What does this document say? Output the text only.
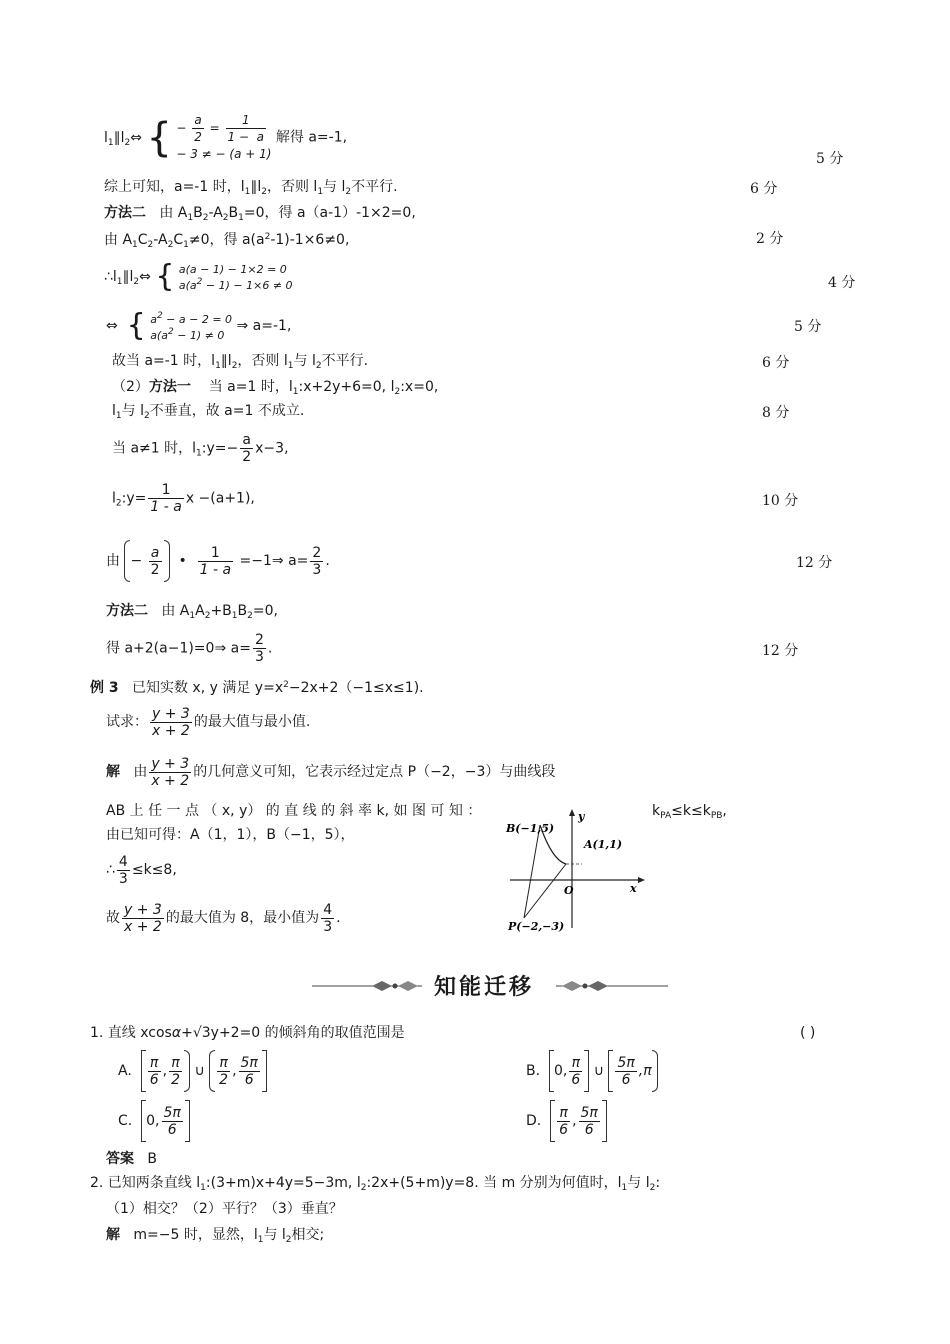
$l_1\parallel l_2\Leftrightarrow$ { − $\frac{a}{2} = \frac{1}{1 - a}$
− 3 ≠ − (a + 1)
解得 a=-1,
5 分
综上可知，a=-1 时，$l_1\parallel l_2$，否则 $l_1$与 $l_2$不平行.	6 分
方法二 由 $A_1B_2-A_2B_1=0$，得 a（a-1）-1×2=0,
由 $A_1C_2-A_2C_1\ne 0$，得 $a(a^2-1)-1\times 6\ne 0$,	2 分
$\therefore l_1\parallel l_2\Leftrightarrow$ { a(a − 1) − 1×2 = 0
$a(a^2 - 1) - 1\times 6 \ne 0$	4 分
⇔  { $a^2 - a - 2 = 0$
$a(a^2 - 1) \ne 0$
⇒ a=-1,	5 分
故当 a=-1 时，$l_1\parallel l_2$，否则 $l_1$与 $l_2$不平行.	6 分
（2）方法一 当 a=1 时，$l_1:x+2y+6=0$, $l_2:x=0$,
$l_1$与 $l_2$不垂直，故 a=1 不成立.	8 分
当 a≠1 时，$l_1:y=- \frac{a}{2} x-3$,
$l_2:y= \frac{1}{1 - a}$ x −(a+1),	10 分
由 − $\frac{a}{2}$ • $\frac{1}{1 - a}$ =−1⇒ $a= \frac{2}{3}$ .	12 分
方法二 由 $A_1A_2+B_1B_2=0$,
得 a+2(a−1)=0⇒ $a= \frac{2}{3}$ .	12 分
例 3 已知实数 x, y 满足 $y=x^2-2x+2(-1\le x\le 1)$.
试求： $\frac{y + 3}{x + 2}$ 的最大值与最小值.
解 由 $\frac{y + 3}{x + 2}$ 的几何意义可知，它表示经过定点 P（−2，−3）与曲线段
AB 上 任 一 点 （ x, y） 的 直 线 的 斜 率 k, 如 图 可 知 ：	$k_{PA}\le k\le k_{PB}$,
由已知可得：A（1，1），B（−1，5），
∴ $\frac{4}{3} \le k\le 8$,
故 $\frac{y + 3}{x + 2}$ 的最大值为 8，最小值为 $\frac{4}{3}$ .
B(−1,5)
A(1,1)
P(−2,−3)
O	x
y
知能迁移
1. 直线 xcosα+√3y+2=0 的倾斜角的取值范围是	( )
A. $\frac{\pi}{6}$ , $\frac{\pi}{2}$ ∪ $\frac{\pi}{2}$ , $\frac{5\pi}{6}$	B. 0, $\frac{\pi}{6}$ ∪ $\frac{5\pi}{6} ,\pi$
C. 0, $\frac{5\pi}{6}$	D. $\frac{\pi}{6}$ , $\frac{5\pi}{6}$
答案 B
2. 已知两条直线 $l_1:(3+m)x+4y=5-3m$, $l_2:2x+(5+m)y=8$. 当 m 分别为何值时，$l_1$与 $l_2$:
（1）相交？（2）平行？（3）垂直？
解 m=−5 时，显然，$l_1$与 $l_2$相交;
